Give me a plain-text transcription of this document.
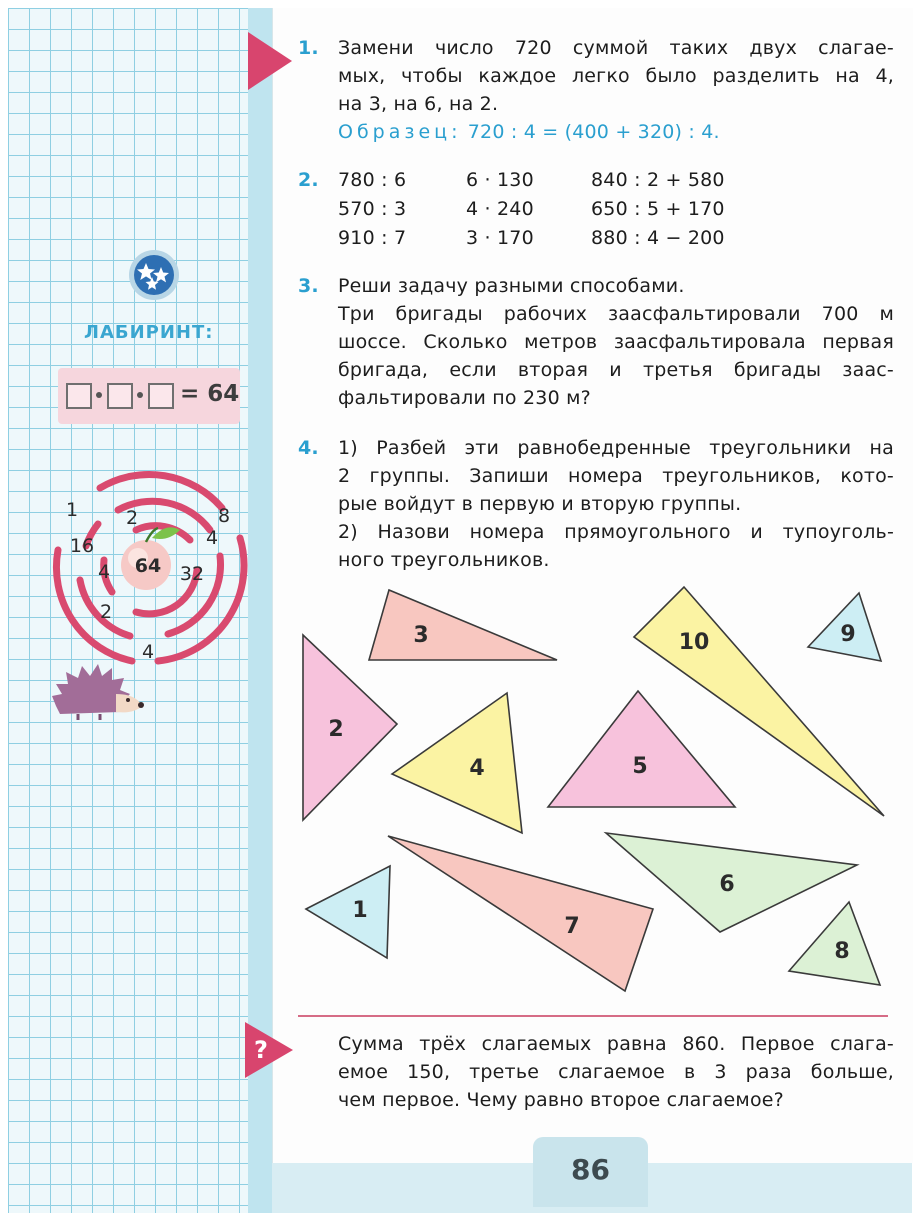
1. Замени число 720 суммой таких двух слагае-
мых, чтобы каждое легко было разделить на 4,
на 3, на 6, на 2.
Образец: 720 : 4 = (400 + 320) : 4.
2. 780 : 6	6 · 130	840 : 2 + 580
570 : 3	4 · 240	650 : 5 + 170
910 : 7	3 · 170	880 : 4 − 200
3. Реши задачу разными способами.
Три бригады рабочих заасфальтировали 700 м
шоссе. Сколько метров заасфальтировала первая
бригада, если вторая и третья бригады заас-
фальтировали по 230 м?
4. 1) Разбей эти равнобедренные треугольники на
2 группы. Запиши номера треугольников, кото-
рые войдут в первую и вторую группы.
2) Назови номера прямоугольного и тупоуголь-
ного треугольников.
3	10	9
2
4	5
6
1
7
8
ЛАБИРИНТ:
= 64
64
1	2	8
16	4
4	32
2
4
?	Сумма трёх слагаемых равна 860. Первое слага-
емое 150, третье слагаемое в 3 раза больше,
чем первое. Чему равно второе слагаемое?
86
